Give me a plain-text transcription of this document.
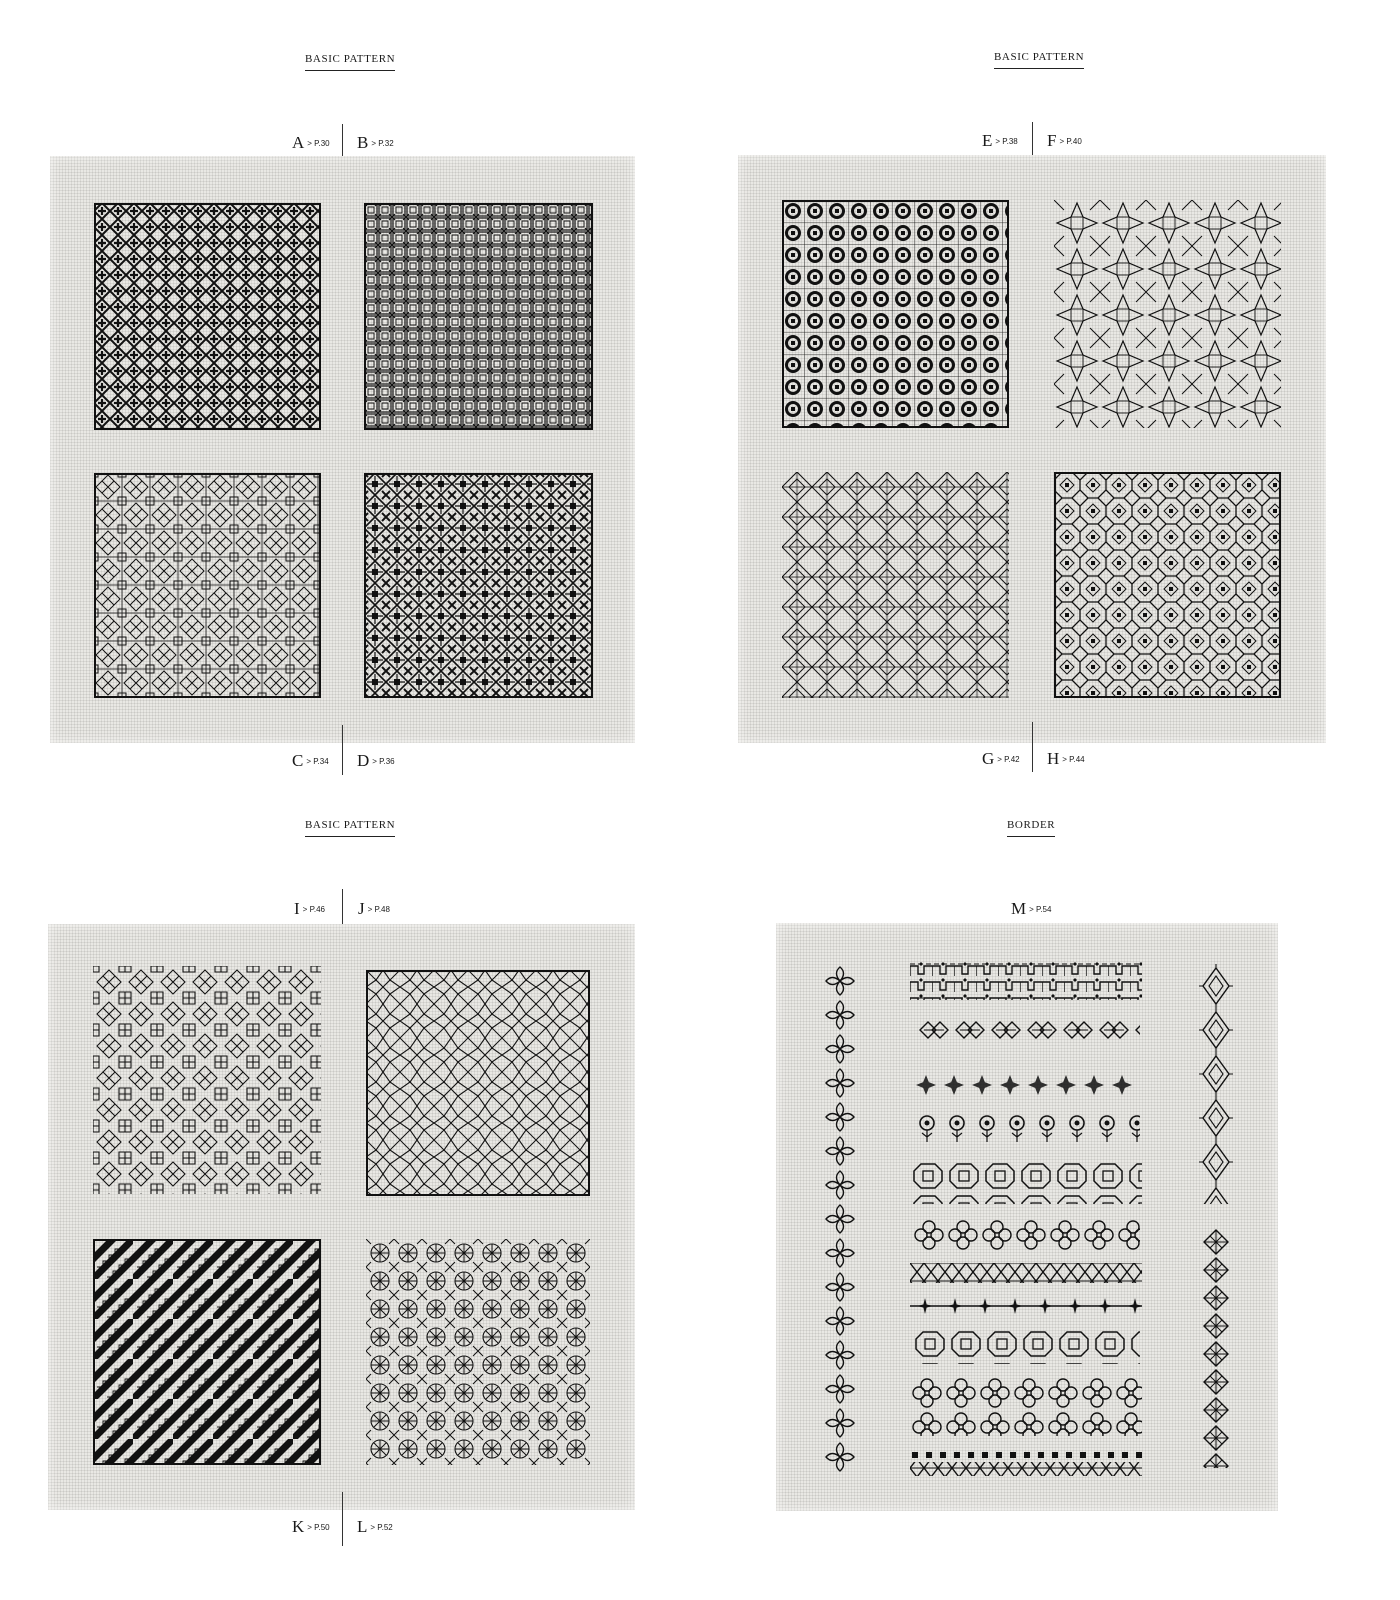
BASIC PATTERN
A > P.30 B > P.32
C > P.34 D > P.36
BASIC PATTERN
E > P.38 F > P.40
G > P.42 H > P.44
BASIC PATTERN
I > P.46 J > P.48
K > P.50 L > P.52
BORDER
M > P.54
